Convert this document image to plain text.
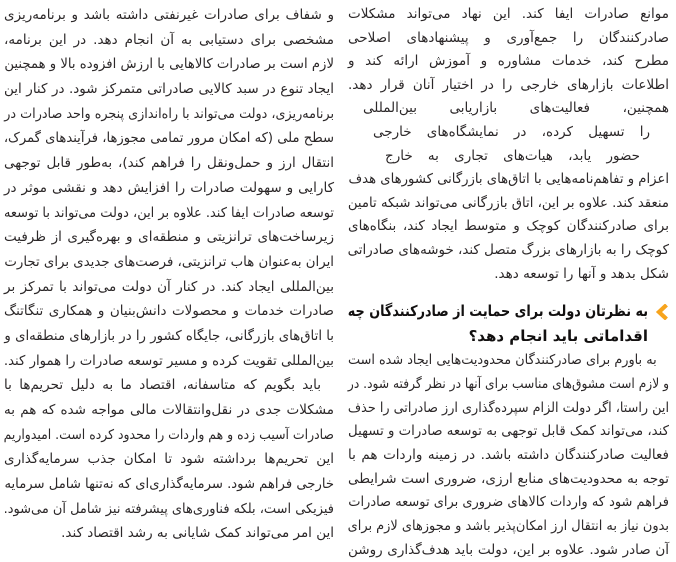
و شفاف برای صادرات غیرنفتی داشته باشد و برنامه‌ریزی
مشخصی برای دستیابی به آن انجام دهد. در این برنامه،
لازم است بر صادرات کالاهایی با ارزش افزوده بالا و همچنین
ایجاد تنوع در سبد کالایی صادراتی متمرکز شود. در کنار این
برنامه‌ریزی، دولت می‌تواند با راه‌اندازی پنجره واحد صادرات در
سطح ملی (که امکان مرور تمامی مجوزها، فرآیندهای گمرک،
انتقال ارز و حمل‌ونقل را فراهم کند)، به‌طور قابل توجهی
کارایی و سهولت صادرات را افزایش دهد و نقشی موثر در
توسعه صادرات ایفا کند. علاوه بر این، دولت می‌تواند با توسعه
زیرساخت‌های ترانزیتی و منطقه‌ای و بهره‌گیری از ظرفیت
ایران به‌عنوان هاب ترانزیتی، فرصت‌های جدیدی برای تجارت
بین‌المللی ایجاد کند. در کنار آن دولت می‌تواند با تمرکز بر
صادرات خدمات و محصولات دانش‌بنیان و همکاری تنگاتنگ
با اتاق‌های بازرگانی، جایگاه کشور را در بازارهای منطقه‌ای و
بین‌المللی تقویت کرده و مسیر توسعه صادرات را هموار کند.
باید بگویم که متاسفانه، اقتصاد ما به دلیل تحریم‌ها با
مشکلات جدی در نقل‌وانتقالات مالی مواجه شده که هم به
صادرات آسیب زده و هم واردات را محدود کرده است. امیدواریم
این تحریم‌ها برداشته شود تا امکان جذب سرمایه‌گذاری
خارجی فراهم شود. سرمایه‌گذاری‌ای که نه‌تنها شامل سرمایه
فیزیکی است، بلکه فناوری‌های پیشرفته نیز شامل آن می‌شود.
این امر می‌تواند کمک شایانی به رشد اقتصاد کند.
موانع صادرات ایفا کند. این نهاد می‌تواند مشکلات
صادرکنندگان را جمع‌آوری و پیشنهادهای اصلاحی
مطرح کند، خدمات مشاوره و آموزش ارائه کند و
اطلاعات بازارهای خارجی را در اختیار آنان قرار دهد.
همچنین، فعالیت‌های بازاریابی بین‌المللی
را تسهیل کرده، در نمایشگاه‌های خارجی
حضور یابد، هیات‌های تجاری به خارج
اعزام و تفاهم‌نامه‌هایی با اتاق‌های بازرگانی کشورهای هدف
منعقد کند. علاوه بر این، اتاق بازرگانی می‌تواند شبکه تامین
برای صادرکنندگان کوچک و متوسط ایجاد کند، بنگاه‌های
کوچک را به بازارهای بزرگ متصل کند، خوشه‌های صادراتی
شکل بدهد و آنها را توسعه دهد.
به نظرتان دولت برای حمایت از صادرکنندگان چه
اقداماتی باید انجام دهد؟
به باورم برای صادرکنندگان محدودیت‌هایی ایجاد شده است
و لازم است مشوق‌های مناسب برای آنها در نظر گرفته شود. در
این راستا، اگر دولت الزام سپرده‌گذاری ارز صادراتی را حذف
کند، می‌تواند کمک قابل توجهی به توسعه صادرات و تسهیل
فعالیت صادرکنندگان داشته باشد. در زمینه واردات هم با
توجه به محدودیت‌های منابع ارزی، ضروری است شرایطی
فراهم شود که واردات کالاهای ضروری برای توسعه صادرات
بدون نیاز به انتقال ارز امکان‌پذیر باشد و مجوزهای لازم برای
آن صادر شود. علاوه بر این، دولت باید هدف‌گذاری روشن
